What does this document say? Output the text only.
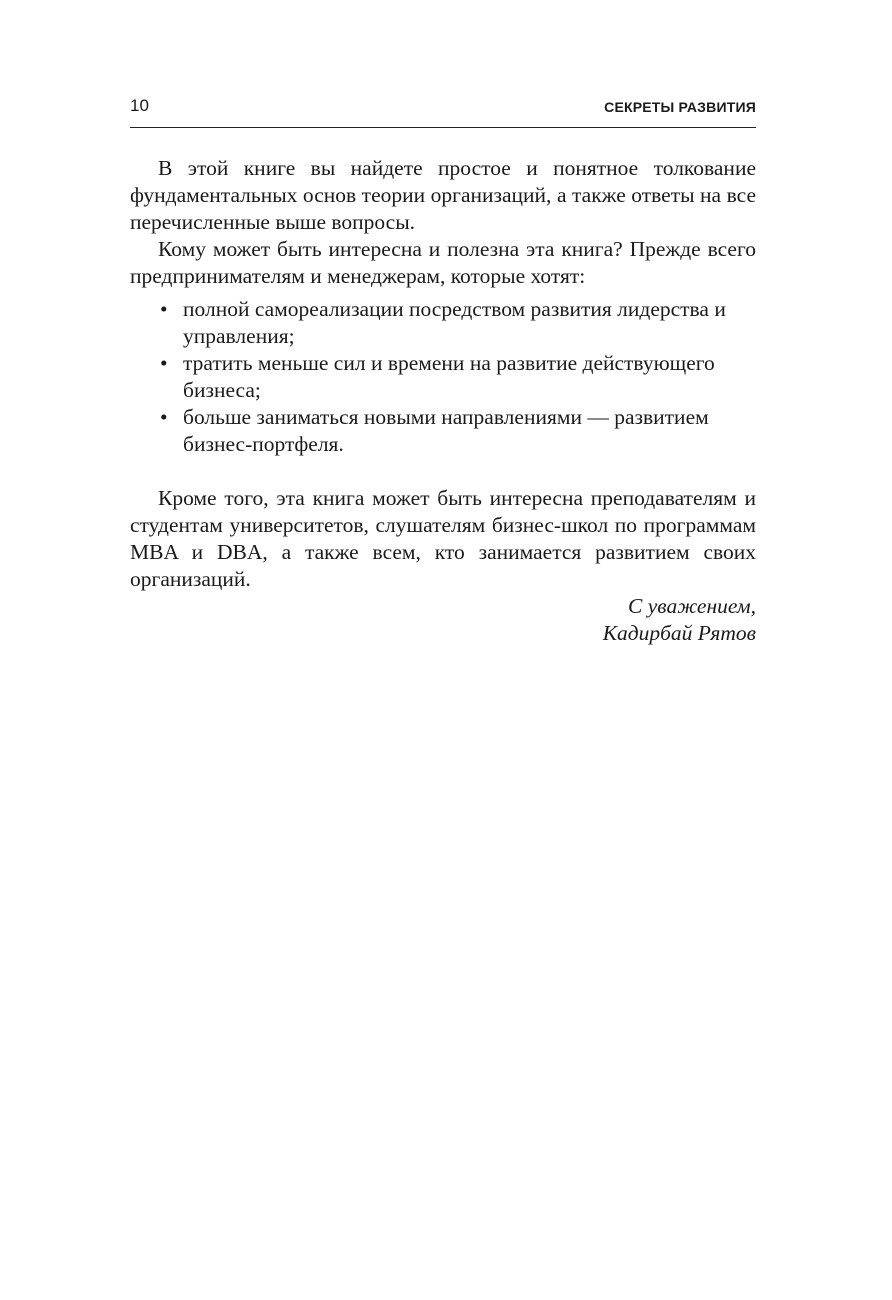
10	СЕКРЕТЫ РАЗВИТИЯ

В этой книге вы найдете простое и понятное толкование фундаментальных основ теории организаций, а также ответы на все перечисленные выше вопросы.

Кому может быть интересна и полезна эта книга? Прежде всего предпринимателям и менеджерам, которые хотят:

• полной самореализации посредством развития лидерства и управления;
• тратить меньше сил и времени на развитие действующего бизнеса;
• больше заниматься новыми направлениями — развитием бизнес-портфеля.

Кроме того, эта книга может быть интересна преподавателям и студентам университетов, слушателям бизнес-школ по программам MBA и DBA, а также всем, кто занимается развитием своих организаций.

С уважением,
Кадирбай Рятов
